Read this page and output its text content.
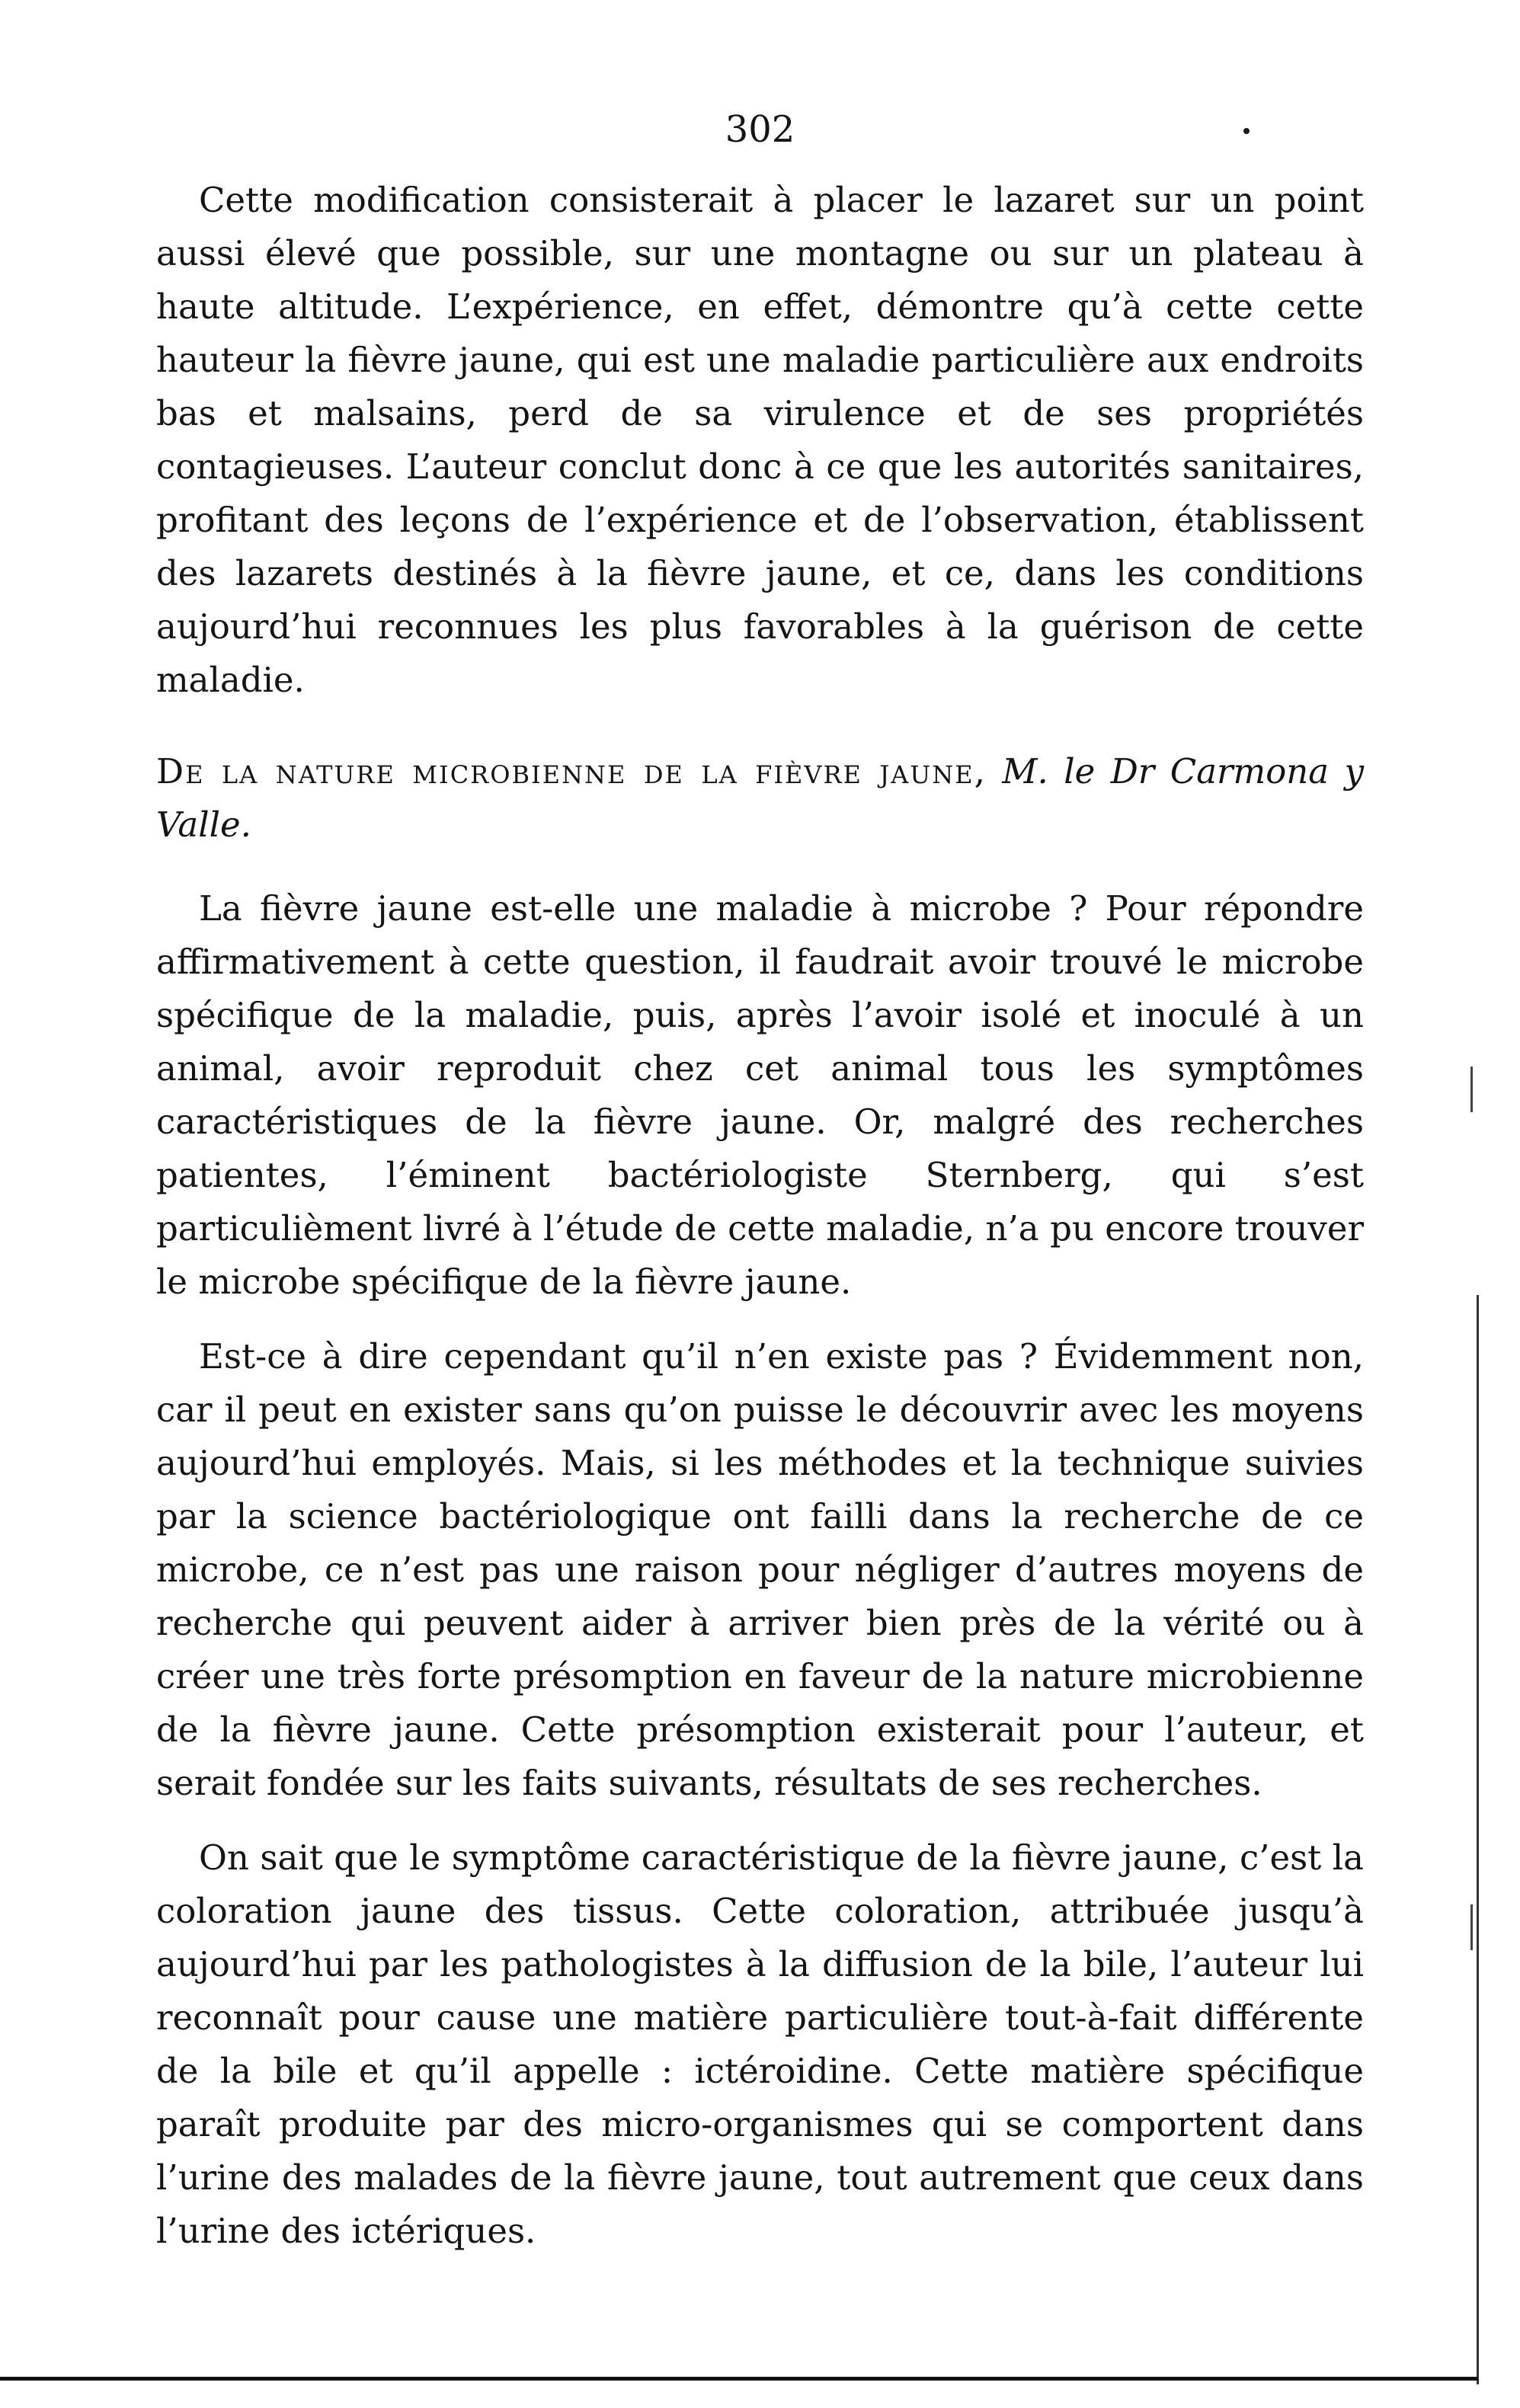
302

Cette modification consisterait à placer le lazaret sur un point aussi élevé que possible, sur une montagne ou sur un plateau à haute altitude. L’expérience, en effet, démontre qu’à cette cette hauteur la fièvre jaune, qui est une maladie particulière aux endroits bas et malsains, perd de sa virulence et de ses propriétés contagieuses. L’auteur conclut donc à ce que les autorités sanitaires, profitant des leçons de l’expérience et de l’observation, établissent des lazarets destinés à la fièvre jaune, et ce, dans les conditions aujourd’hui reconnues les plus favorables à la guérison de cette maladie.

De la nature microbienne de la fièvre jaune, M. le Dr Carmona y Valle.

La fièvre jaune est-elle une maladie à microbe ? Pour répondre affirmativement à cette question, il faudrait avoir trouvé le microbe spécifique de la maladie, puis, après l’avoir isolé et inoculé à un animal, avoir reproduit chez cet animal tous les symptômes caractéristiques de la fièvre jaune. Or, malgré des recherches patientes, l’éminent bactériologiste Sternberg, qui s’est particulièment livré à l’étude de cette maladie, n’a pu encore trouver le microbe spécifique de la fièvre jaune.

Est-ce à dire cependant qu’il n’en existe pas ? Évidemment non, car il peut en exister sans qu’on puisse le découvrir avec les moyens aujourd’hui employés. Mais, si les méthodes et la technique suivies par la science bactériologique ont failli dans la recherche de ce microbe, ce n’est pas une raison pour négliger d’autres moyens de recherche qui peuvent aider à arriver bien près de la vérité ou à créer une très forte présomption en faveur de la nature microbienne de la fièvre jaune. Cette présomption existerait pour l’auteur, et serait fondée sur les faits suivants, résultats de ses recherches.

On sait que le symptôme caractéristique de la fièvre jaune, c’est la coloration jaune des tissus. Cette coloration, attribuée jusqu’à aujourd’hui par les pathologistes à la diffusion de la bile, l’auteur lui reconnaît pour cause une matière particulière tout-à-fait différente de la bile et qu’il appelle : ictéroidine. Cette matière spécifique paraît produite par des micro-organismes qui se comportent dans l’urine des malades de la fièvre jaune, tout autrement que ceux dans l’urine des ictériques.
